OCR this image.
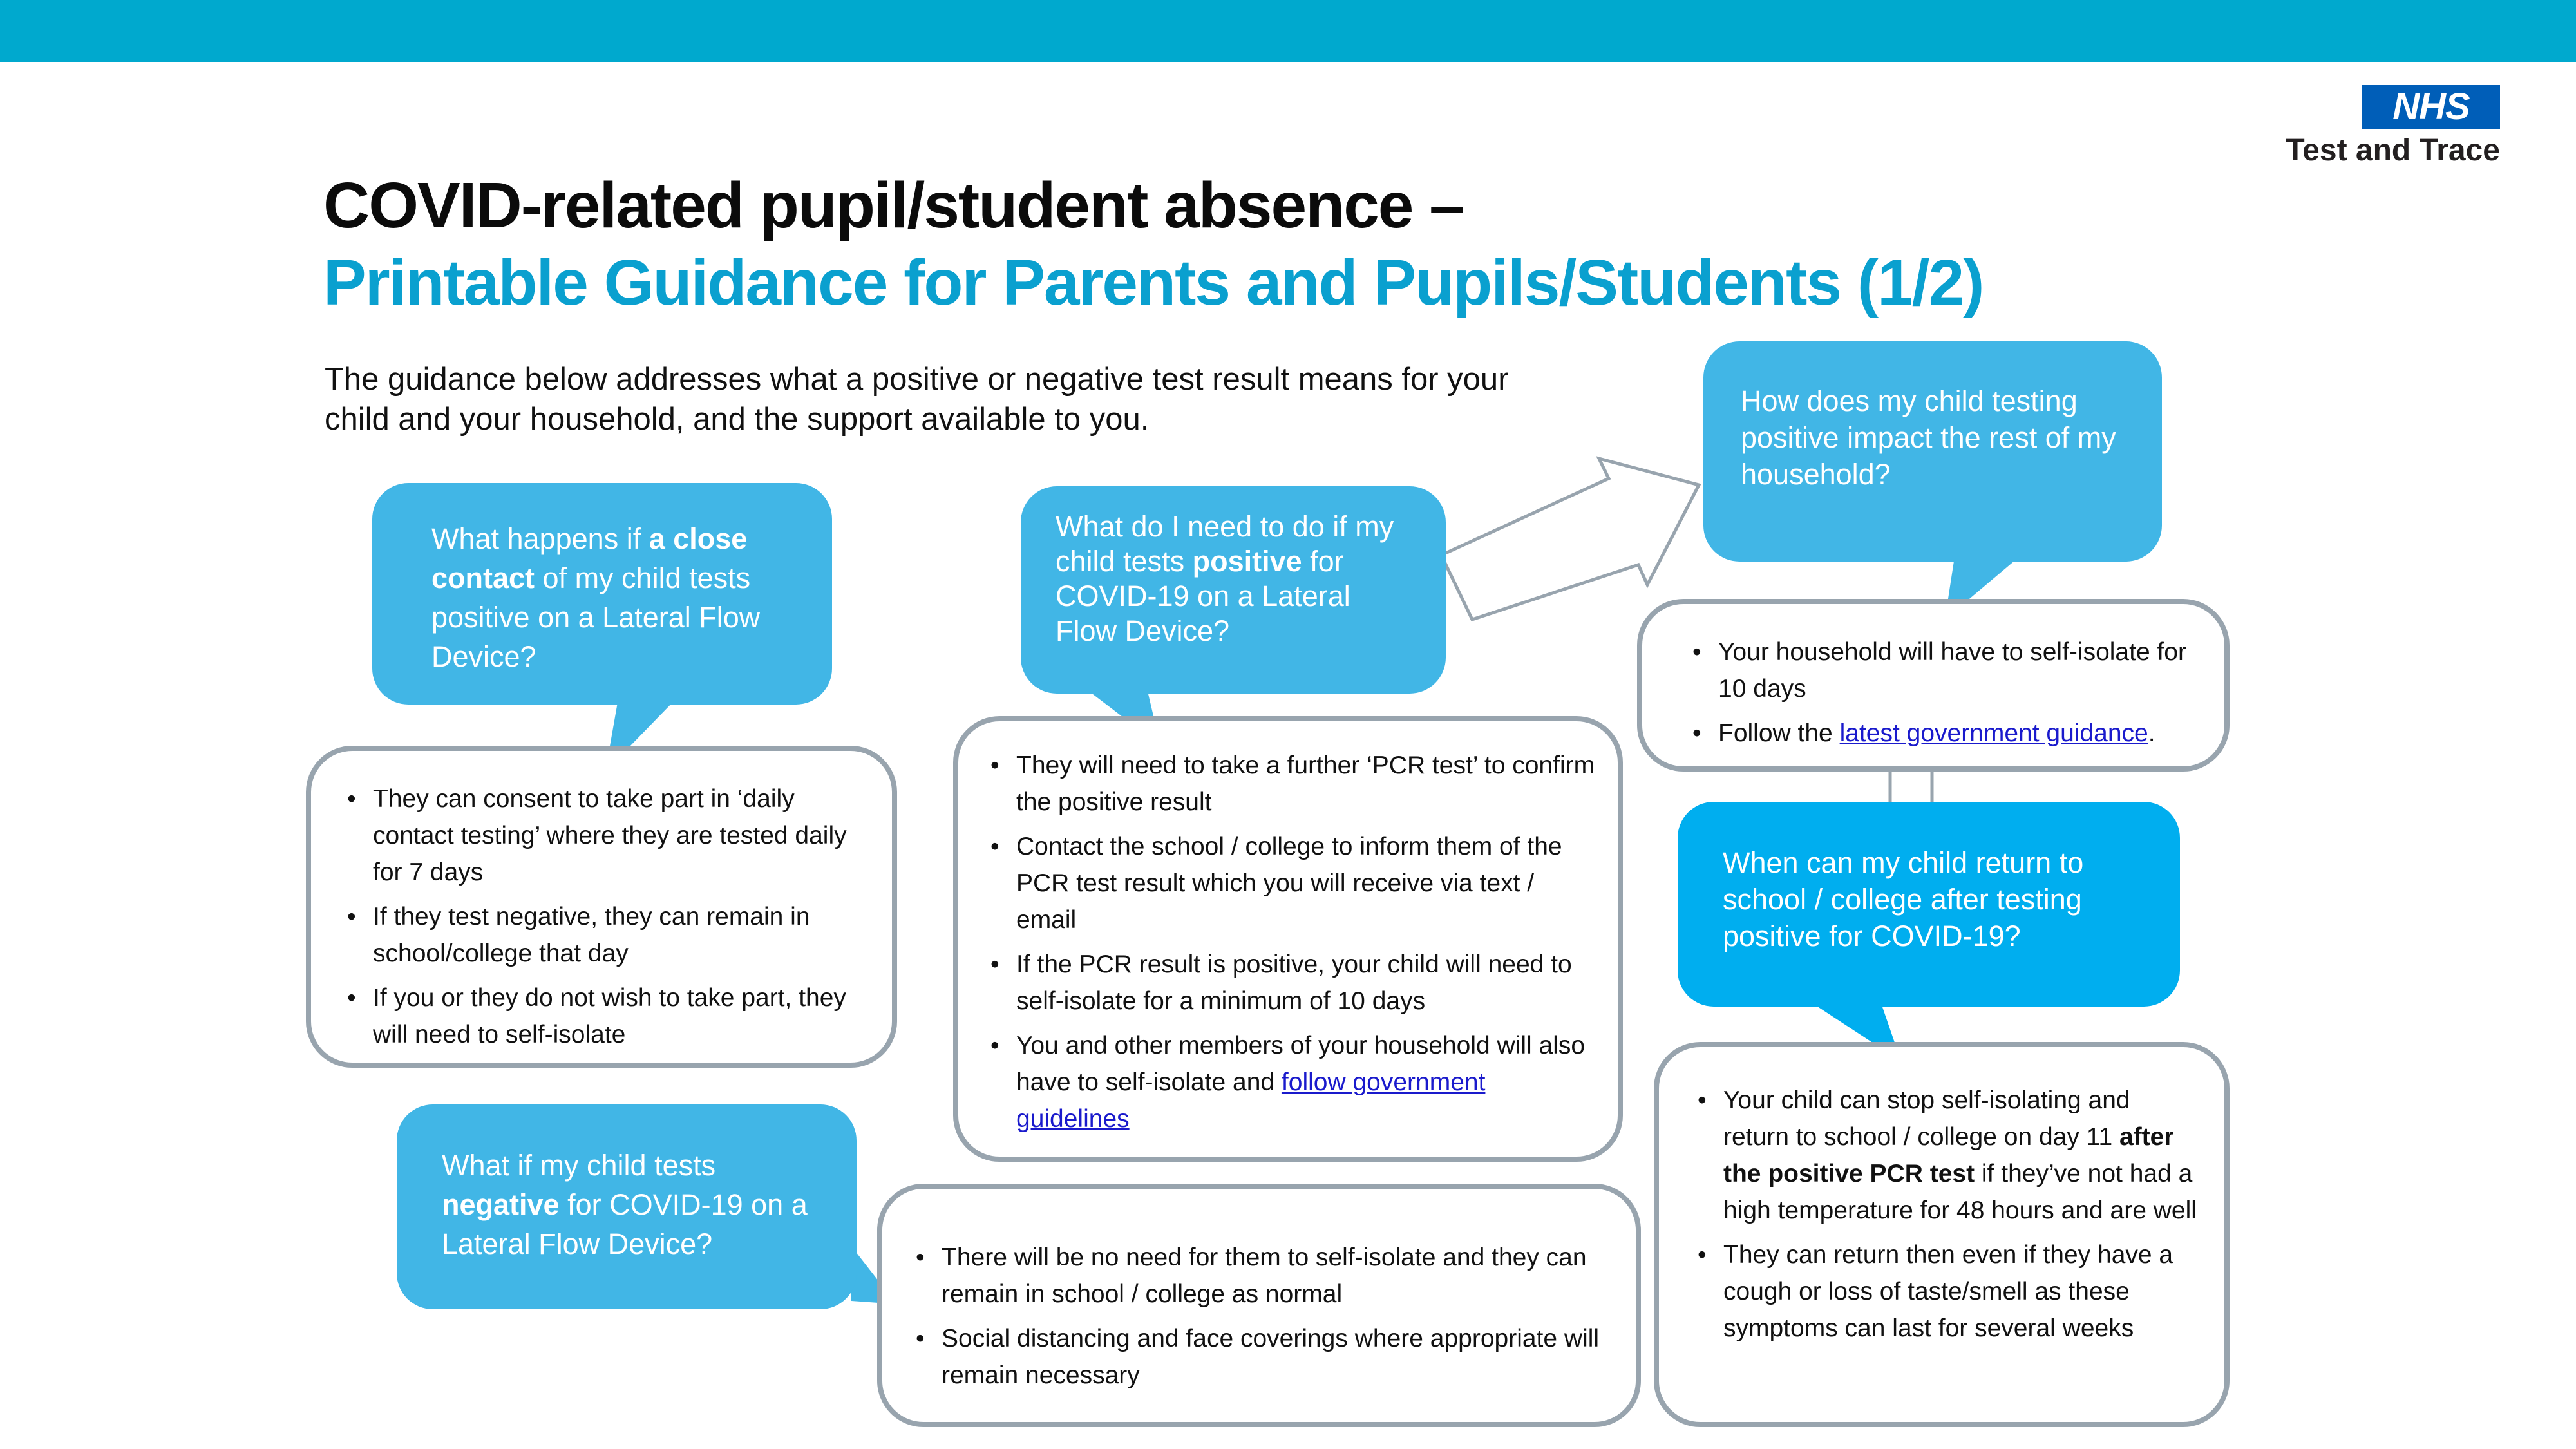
NHS
Test and Trace
COVID-related pupil/student absence –
Printable Guidance for Parents and Pupils/Students (1/2)
The guidance below addresses what a positive or negative test result means for your child and your household, and the support available to you.
What happens if a close contact of my child tests positive on a Lateral Flow Device?
• They can consent to take part in ‘daily contact testing’ where they are tested daily for 7 days
• If they test negative, they can remain in school/college that day
• If you or they do not wish to take part, they will need to self-isolate
What do I need to do if my child tests positive for COVID-19 on a Lateral Flow Device?
• They will need to take a further ‘PCR test’ to confirm the positive result
• Contact the school / college to inform them of the PCR test result which you will receive via text / email
• If the PCR result is positive, your child will need to self-isolate for a minimum of 10 days
• You and other members of your household will also have to self-isolate and follow government guidelines
How does my child testing positive impact the rest of my household?
• Your household will have to self-isolate for 10 days
• Follow the latest government guidance.
When can my child return to school / college after testing positive for COVID-19?
• Your child can stop self-isolating and return to school / college on day 11 after the positive PCR test if they’ve not had a high temperature for 48 hours and are well
• They can return then even if they have a cough or loss of taste/smell as these symptoms can last for several weeks
What if my child tests negative for COVID-19 on a Lateral Flow Device?
•	There will be no need for them to self-isolate and they can remain in school / college as normal
• Social distancing and face coverings where appropriate will remain necessary
